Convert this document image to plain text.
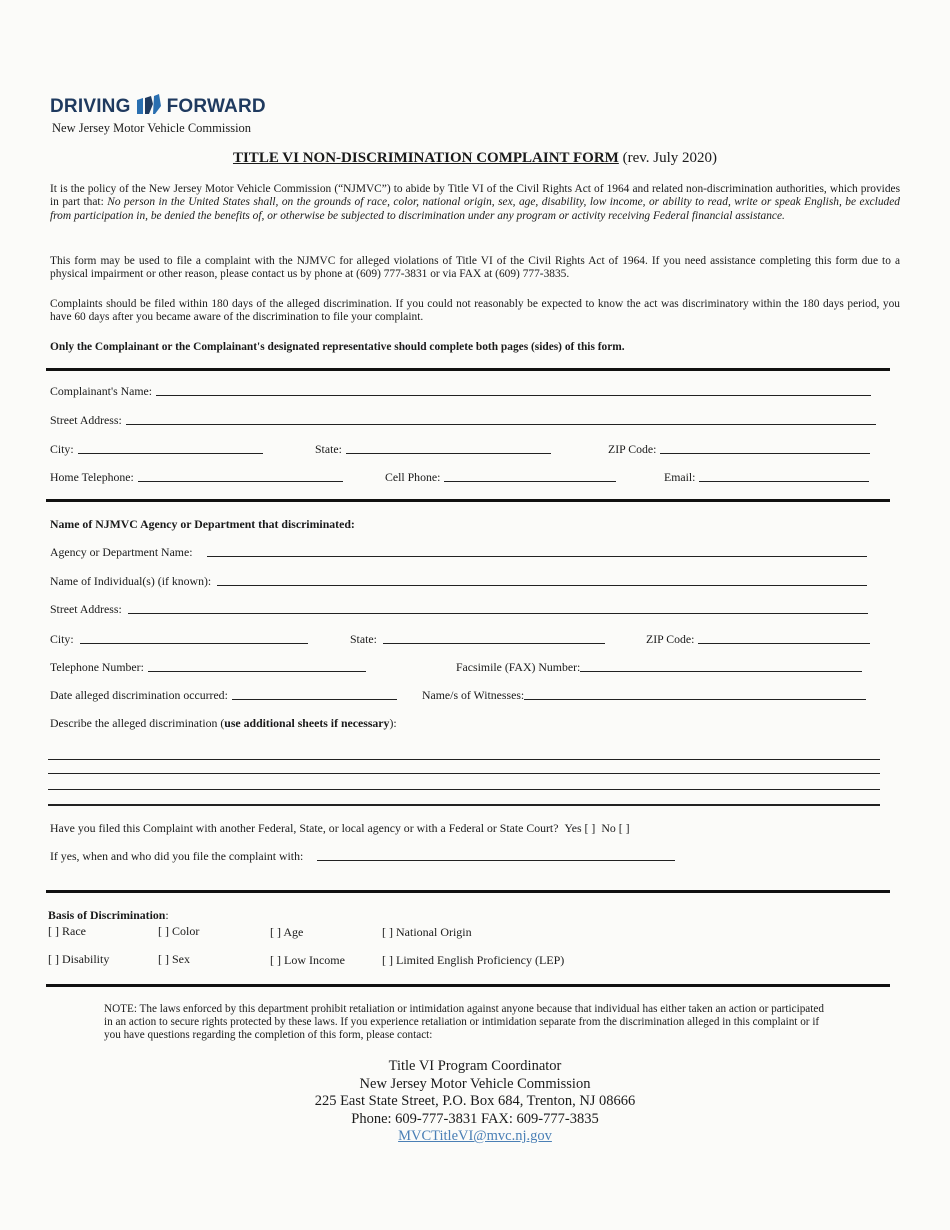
DRIVING FORWARD
New Jersey Motor Vehicle Commission
TITLE VI NON-DISCRIMINATION COMPLAINT FORM (rev. July 2020)

It is the policy of the New Jersey Motor Vehicle Commission (“NJMVC”) to abide by Title VI of the Civil Rights Act of 1964 and related non-discrimination authorities, which provides in part that: No person in the United States shall, on the grounds of race, color, national origin, sex, age, disability, low income, or ability to read, write or speak English, be excluded from participation in, be denied the benefits of, or otherwise be subjected to discrimination under any program or activity receiving Federal financial assistance.

This form may be used to file a complaint with the NJMVC for alleged violations of Title VI of the Civil Rights Act of 1964. If you need assistance completing this form due to a physical impairment or other reason, please contact us by phone at (609) 777-3831 or via FAX at (609) 777-3835.

Complaints should be filed within 180 days of the alleged discrimination. If you could not reasonably be expected to know the act was discriminatory within the 180 days period, you have 60 days after you became aware of the discrimination to file your complaint.

Only the Complainant or the Complainant's designated representative should complete both pages (sides) of this form.

Complainant's Name:
Street Address:
City:	State:	ZIP Code:
Home Telephone:	Cell Phone:	Email:
Name of NJMVC Agency or Department that discriminated:
Agency or Department Name:
Name of Individual(s) (if known):
Street Address:
City:	State:	ZIP Code:
Telephone Number:	Facsimile (FAX) Number:
Date alleged discrimination occurred:	Name/s of Witnesses:
Describe the alleged discrimination ( use additional sheets if necessary ):
Have you filed this Complaint with another Federal, State, or local agency or with a Federal or State Court? Yes [ ] No [ ]
If yes, when and who did you file the complaint with:
Basis of Discrimination :
[ ] Race	[ ] Color	[ ] Age	[ ] National Origin
[ ] Disability	[ ] Sex	[ ] Low Income	[ ] Limited English Proficiency (LEP)

NOTE: The laws enforced by this department prohibit retaliation or intimidation against anyone because that individual has either taken an action or participated in an action to secure rights protected by these laws. If you experience retaliation or intimidation separate from the discrimination alleged in this complaint or if you have questions regarding the completion of this form, please contact:

Title VI Program Coordinator
New Jersey Motor Vehicle Commission
225 East State Street, P.O. Box 684, Trenton, NJ 08666
Phone: 609-777-3831 FAX: 609-777-3835
MVCTitleVI@mvc.nj.gov
